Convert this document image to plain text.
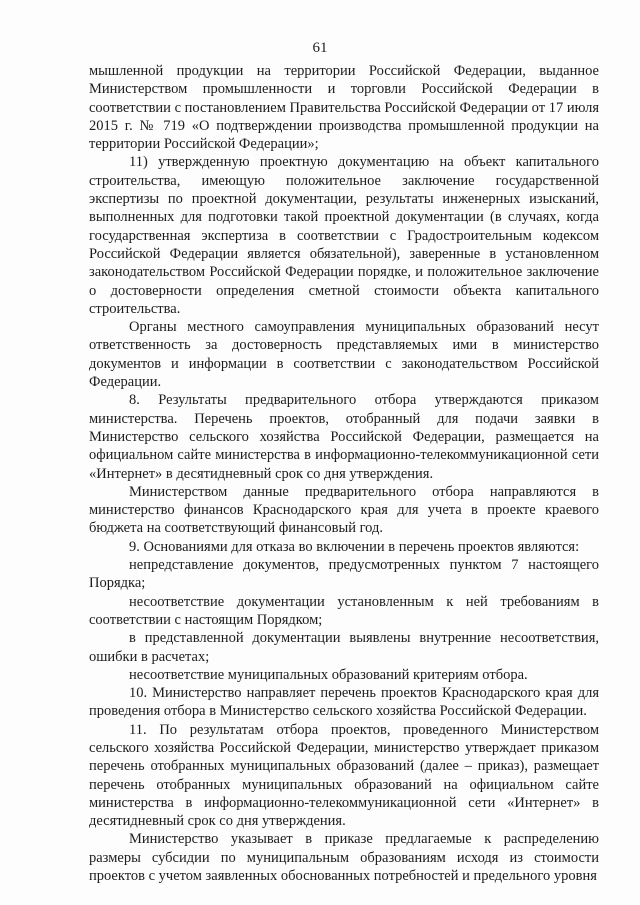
61

мышленной продукции на территории Российской Федерации, выданное Министерством промышленности и торговли Российской Федерации в соответствии с постановлением Правительства Российской Федерации от 17 июля 2015 г. № 719 «О подтверждении производства промышленной продукции на территории Российской Федерации»;

11) утвержденную проектную документацию на объект капитального строительства, имеющую положительное заключение государственной экспертизы по проектной документации, результаты инженерных изысканий, выполненных для подготовки такой проектной документации (в случаях, когда государственная экспертиза в соответствии с Градостроительным кодексом Российской Федерации является обязательной), заверенные в установленном законодательством Российской Федерации порядке, и положительное заключение о достоверности определения сметной стоимости объекта капитального строительства.

Органы местного самоуправления муниципальных образований несут ответственность за достоверность представляемых ими в министерство документов и информации в соответствии с законодательством Российской Федерации.

8. Результаты предварительного отбора утверждаются приказом министерства. Перечень проектов, отобранный для подачи заявки в Министерство сельского хозяйства Российской Федерации, размещается на официальном сайте министерства в информационно-телекоммуникационной сети «Интернет» в десятидневный срок со дня утверждения.

Министерством данные предварительного отбора направляются в министерство финансов Краснодарского края для учета в проекте краевого бюджета на соответствующий финансовый год.

9. Основаниями для отказа во включении в перечень проектов являются:

непредставление документов, предусмотренных пунктом 7 настоящего Порядка;

несоответствие документации установленным к ней требованиям в соответствии с настоящим Порядком;

в представленной документации выявлены внутренние несоответствия, ошибки в расчетах;

несоответствие муниципальных образований критериям отбора.

10. Министерство направляет перечень проектов Краснодарского края для проведения отбора в Министерство сельского хозяйства Российской Федерации.

11. По результатам отбора проектов, проведенного Министерством сельского хозяйства Российской Федерации, министерство утверждает приказом перечень отобранных муниципальных образований (далее – приказ), размещает перечень отобранных муниципальных образований на официальном сайте министерства в информационно-телекоммуникационной сети «Интернет» в десятидневный срок со дня утверждения.

Министерство указывает в приказе предлагаемые к распределению размеры субсидии по муниципальным образованиям исходя из стоимости проектов с учетом заявленных обоснованных потребностей и предельного уровня
